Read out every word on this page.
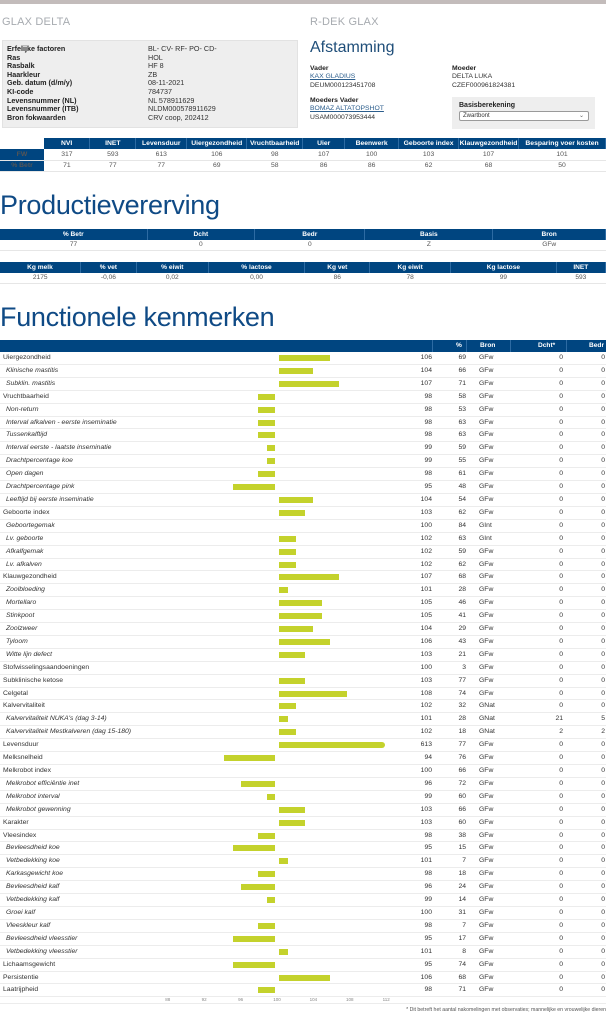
GLAX DELTA	R-DEK GLAX
Erfelijke factoren	BL- CV- RF- PO- CD-
Ras	HOL
Rasbalk	HF 8
Haarkleur	ZB
Geb. datum (d/m/y)	08-11-2021
KI-code	784737
Levensnummer (NL)	NL 578911629
Levensnummer (ITB)	NLDM000578911629
Bron fokwaarden	CRV coop, 202412
Afstamming
Vader
KAX GLADIUS
DEUM000123451708
Moeder
DELTA LUKA
CZEF000961824381
Moeders Vader
BOMAZ ALTATOPSHOT
USAM000073953444
Basisberekening
Zwartbont	⌄
	NVI	INET	Levensduur	Uiergezondheid	Vruchtbaarheid	Uier	Beenwerk	Geboorte index	Klauwgezondheid	Besparing voer kosten
FW	317	593	613	106	98	107	100	103	107	101
% Betr	71	77	77	69	58	86	86	62	68	50
Productievererving
% Betr	Dcht	Bedr	Basis	Bron
77	0	0	Z	GFw
Kg melk	% vet	% eiwit	% lactose	Kg vet	Kg eiwit	Kg lactose	INET
2175	-0,06	0,02	0,00	86	78	99	593
Functionele kenmerken
%	Bron	Dcht*	Bedr
Uiergezondheid	106	69 GFw	0	0
Klinische mastitis	104	66 GFw	0	0
Subklin. mastitis	107	71 GFw	0	0
Vruchtbaarheid	98	58 GFw	0	0
Non-return	98	53 GFw	0	0
Interval afkalven - eerste inseminatie	98	63 GFw	0	0
Tussenkalftijd	98	63 GFw	0	0
Interval eerste - laatste inseminatie	99	59 GFw	0	0
Drachtpercentage koe	99	55 GFw	0	0
Open dagen	98	61 GFw	0	0
Drachtpercentage pink	95	48 GFw	0	0
Leeftijd bij eerste inseminatie	104	54 GFw	0	0
Geboorte index	103	62 GFw	0	0
Geboortegemak	100	84 GInt	0	0
Lv. geboorte	102	63 GInt	0	0
Afkalfgemak	102	59 GFw	0	0
Lv. afkalven	102	62 GFw	0	0
Klauwgezondheid	107	68 GFw	0	0
Zoolbloeding	101	28 GFw	0	0
Mortellaro	105	46 GFw	0	0
Stinkpoot	105	41 GFw	0	0
Zoolzweer	104	29 GFw	0	0
Tyloom	106	43 GFw	0	0
Witte lijn defect	103	21 GFw	0	0
Stofwisselingsaandoeningen	100	3 GFw	0	0
Subklinische ketose	103	77 GFw	0	0
Celgetal	108	74 GFw	0	0
Kalvervitaliteit	102	32 GNat	0	0
Kalvervitaliteit NUKA's (dag 3-14)	101	28 GNat	21	5
Kalvervitaliteit Mestkalveren (dag 15-180)	102	18 GNat	2	2
Levensduur	613	77 GFw	0	0
Melksnelheid	94	76 GFw	0	0
Melkrobot index	100	66 GFw	0	0
Melkrobot efficiëntie inet	96	72 GFw	0	0
Melkrobot interval	99	60 GFw	0	0
Melkrobot gewenning	103	66 GFw	0	0
Karakter	103	60 GFw	0	0
Vleesindex	98	38 GFw	0	0
Bevleesdheid koe	95	15 GFw	0	0
Vetbedekking koe	101	7 GFw	0	0
Karkasgewicht koe	98	18 GFw	0	0
Bevleesdheid kalf	96	24 GFw	0	0
Vetbedekking kalf	99	14 GFw	0	0
Groei kalf	100	31 GFw	0	0
Vleeskleur kalf	98	7 GFw	0	0
Bevleesdheid vleesstier	95	17 GFw	0	0
Vetbedekking vleesstier	101	8 GFw	0	0
Lichaamsgewicht	95	74 GFw	0	0
Persistentie	106	68 GFw	0	0
Laatrijpheid	98	71 GFw	0	0
88	92	96	100	104	108	112
* Dit betreft het aantal nakomelingen met observaties; mannelijke en vrouwelijke dieren
